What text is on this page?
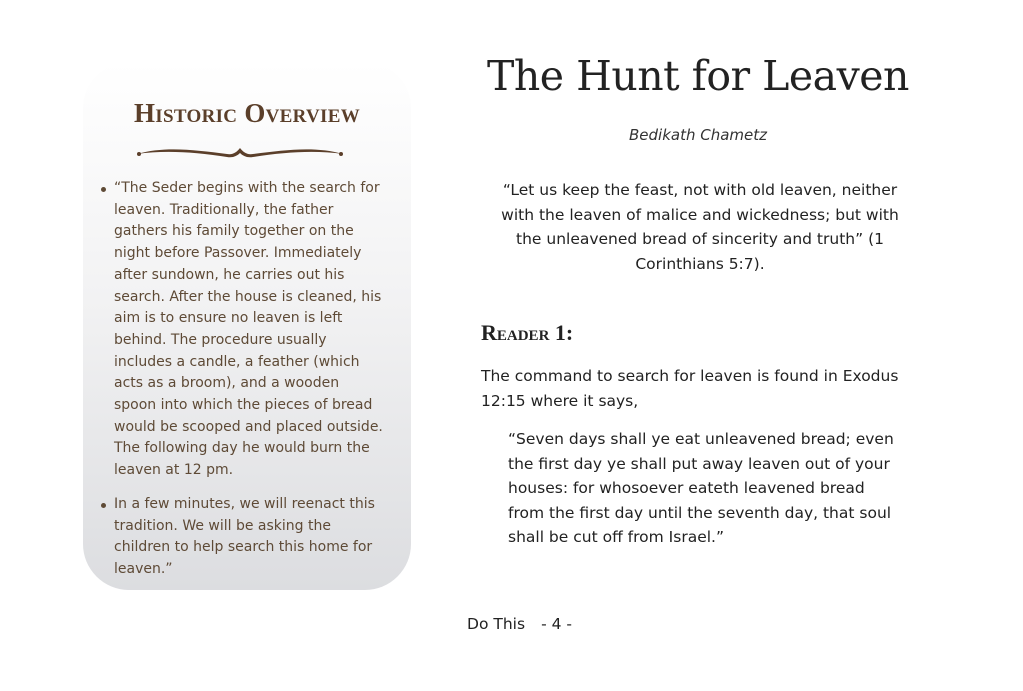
Historic Overview
“The Seder begins with the search for leaven. Traditionally, the father gathers his family together on the night before Passover. Immediately after sundown, he carries out his search. After the house is cleaned, his aim is to ensure no leaven is left behind. The procedure usually includes a candle, a feather (which acts as a broom), and a wooden spoon into which the pieces of bread would be scooped and placed outside. The following day he would burn the leaven at 12 pm.
In a few minutes, we will reenact this tradition. We will be asking the children to help search this home for leaven.”
The Hunt for Leaven
Bedikath Chametz
“Let us keep the feast, not with old leaven, neither with the leaven of malice and wickedness; but with the unleavened bread of sincerity and truth” (1 Corinthians 5:7).
Reader 1:
The command to search for leaven is found in Exodus 12:15 where it says,
“Seven days shall ye eat unleavened bread; even the first day ye shall put away leaven out of your houses: for whosoever eateth leavened bread from the first day until the seventh day, that soul shall be cut off from Israel.”
Do This - 4 -
